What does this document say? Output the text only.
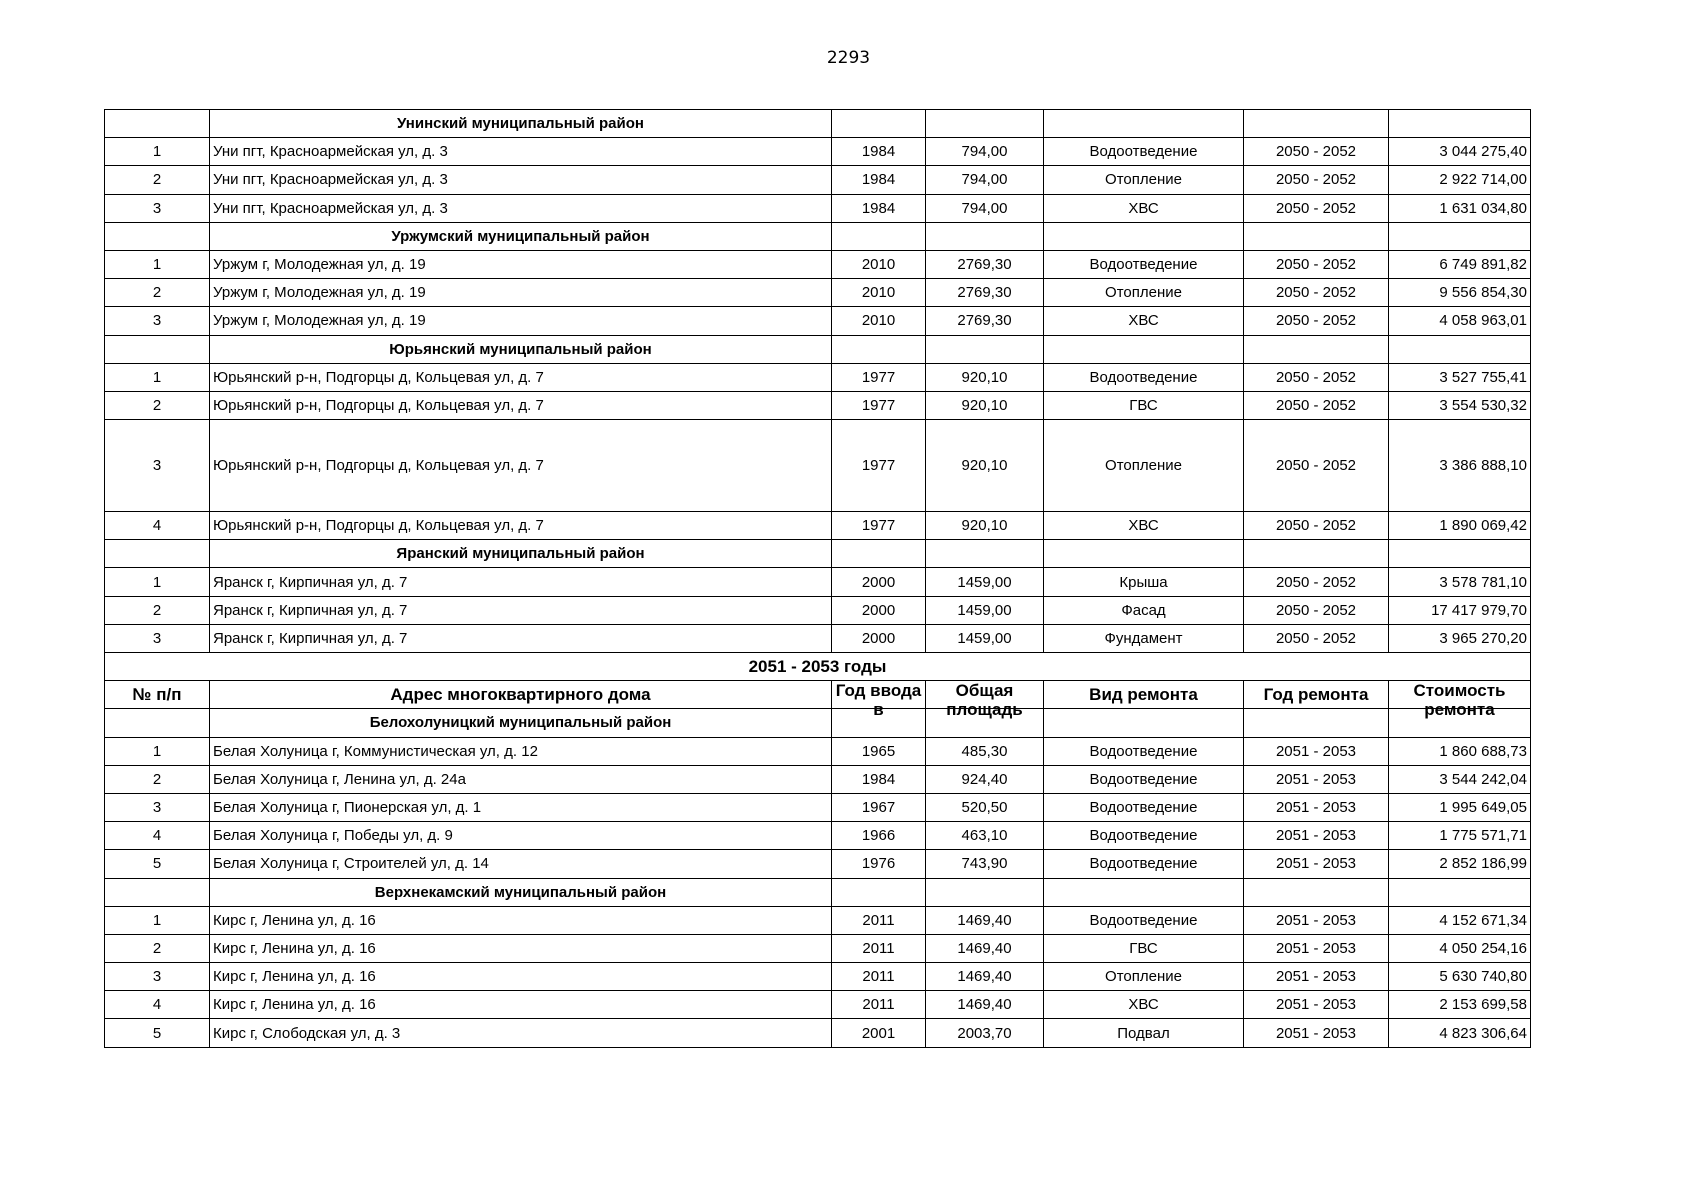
2293
	Унинский муниципальный район					
1	Уни пгт, Красноармейская ул, д. 3	1984	794,00	Водоотведение	2050 - 2052	3 044 275,40
2	Уни пгт, Красноармейская ул, д. 3	1984	794,00	Отопление	2050 - 2052	2 922 714,00
3	Уни пгт, Красноармейская ул, д. 3	1984	794,00	ХВС	2050 - 2052	1 631 034,80
	Уржумский муниципальный район					
1	Уржум г, Молодежная ул, д. 19	2010	2769,30	Водоотведение	2050 - 2052	6 749 891,82
2	Уржум г, Молодежная ул, д. 19	2010	2769,30	Отопление	2050 - 2052	9 556 854,30
3	Уржум г, Молодежная ул, д. 19	2010	2769,30	ХВС	2050 - 2052	4 058 963,01
	Юрьянский муниципальный район					
1	Юрьянский р-н, Подгорцы д, Кольцевая ул, д. 7	1977	920,10	Водоотведение	2050 - 2052	3 527 755,41
2	Юрьянский р-н, Подгорцы д, Кольцевая ул, д. 7	1977	920,10	ГВС	2050 - 2052	3 554 530,32
3	Юрьянский р-н, Подгорцы д, Кольцевая ул, д. 7	1977	920,10	Отопление	2050 - 2052	3 386 888,10
4	Юрьянский р-н, Подгорцы д, Кольцевая ул, д. 7	1977	920,10	ХВС	2050 - 2052	1 890 069,42
	Яранский муниципальный район					
1	Яранск г, Кирпичная ул, д. 7	2000	1459,00	Крыша	2050 - 2052	3 578 781,10
2	Яранск г, Кирпичная ул, д. 7	2000	1459,00	Фасад	2050 - 2052	17 417 979,70
3	Яранск г, Кирпичная ул, д. 7	2000	1459,00	Фундамент	2050 - 2052	3 965 270,20
2051 - 2053 годы						
№ п/п	Адрес многоквартирного дома	Год ввода в	Общая площадь	Вид ремонта	Год ремонта	Стоимость ремонта

	Белохолуницкий муниципальный район					
1	Белая Холуница г, Коммунистическая ул, д. 12	1965	485,30	Водоотведение	2051 - 2053	1 860 688,73
2	Белая Холуница г, Ленина ул, д. 24а	1984	924,40	Водоотведение	2051 - 2053	3 544 242,04
3	Белая Холуница г, Пионерская ул, д. 1	1967	520,50	Водоотведение	2051 - 2053	1 995 649,05
4	Белая Холуница г, Победы ул, д. 9	1966	463,10	Водоотведение	2051 - 2053	1 775 571,71
5	Белая Холуница г, Строителей ул, д. 14	1976	743,90	Водоотведение	2051 - 2053	2 852 186,99
	Верхнекамский муниципальный район					
1	Кирс г, Ленина ул, д. 16	2011	1469,40	Водоотведение	2051 - 2053	4 152 671,34
2	Кирс г, Ленина ул, д. 16	2011	1469,40	ГВС	2051 - 2053	4 050 254,16
3	Кирс г, Ленина ул, д. 16	2011	1469,40	Отопление	2051 - 2053	5 630 740,80
4	Кирс г, Ленина ул, д. 16	2011	1469,40	ХВС	2051 - 2053	2 153 699,58
5	Кирс г, Слободская ул, д. 3	2001	2003,70	Подвал	2051 - 2053	4 823 306,64
